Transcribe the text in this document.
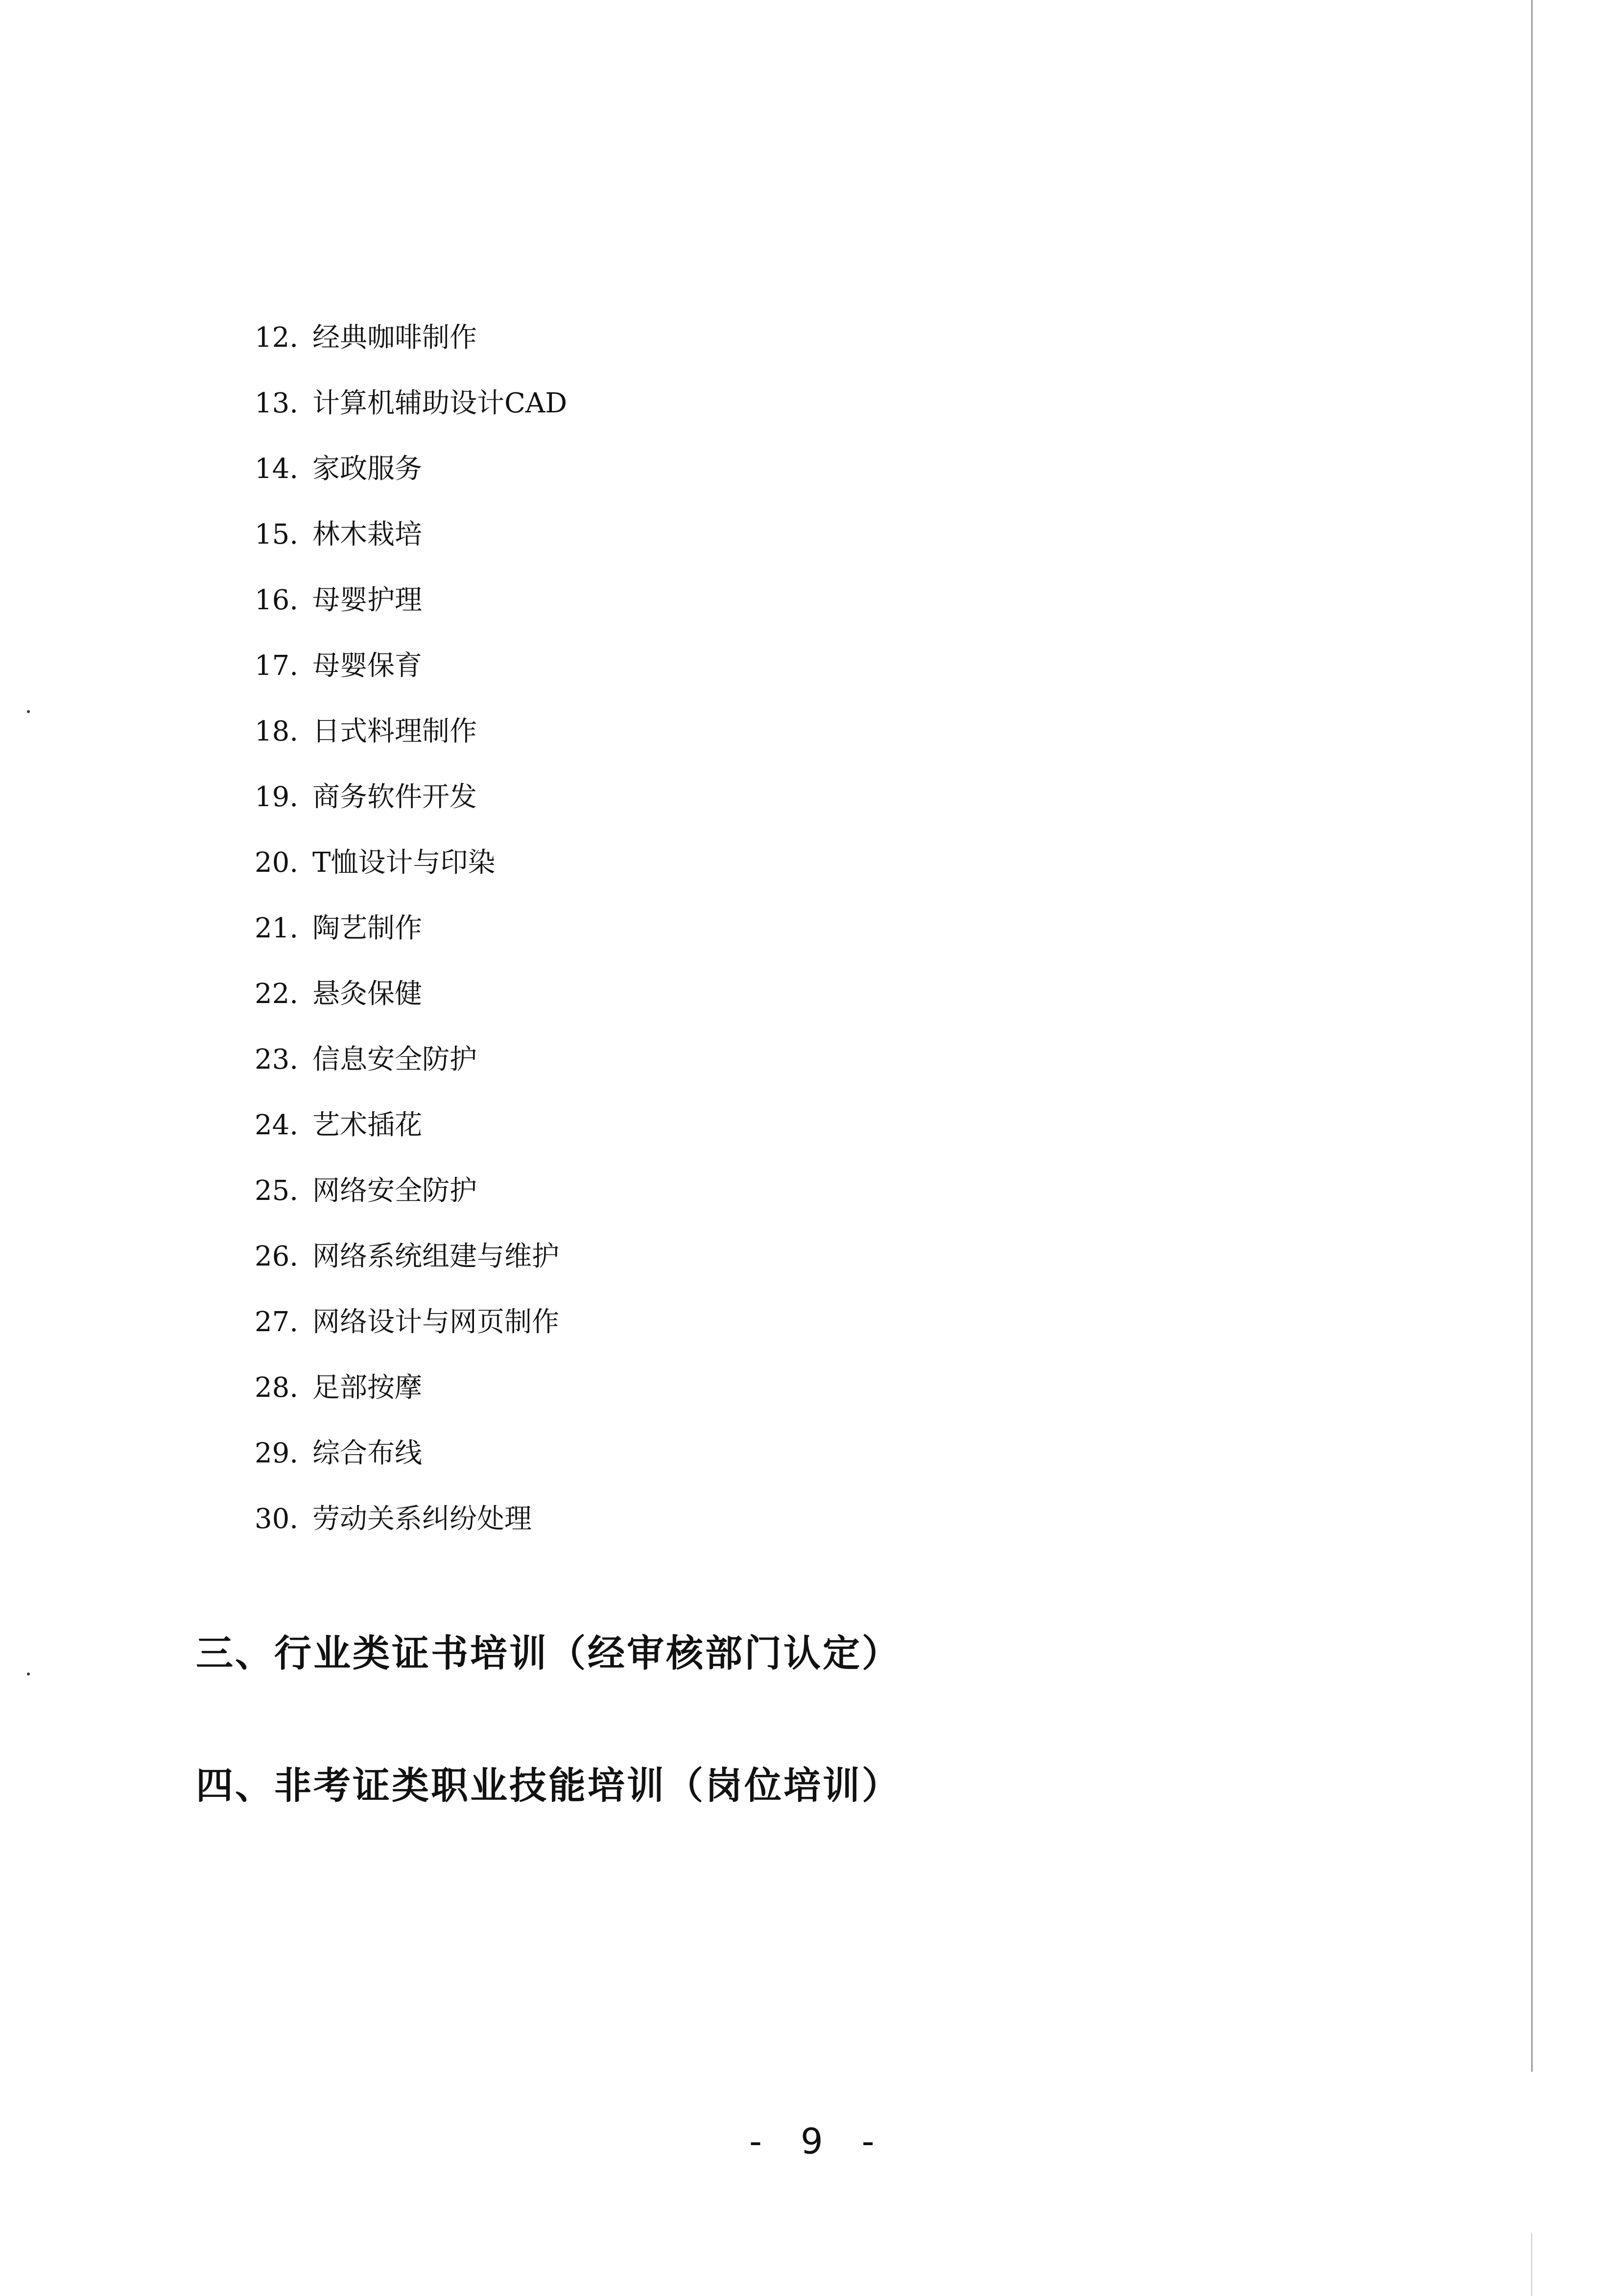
12. 经典咖啡制作
13. 计算机辅助设计CAD
14. 家政服务
15. 林木栽培
16. 母婴护理
17. 母婴保育
18. 日式料理制作
19. 商务软件开发
20. T恤设计与印染
21. 陶艺制作
22. 悬灸保健
23. 信息安全防护
24. 艺术插花
25. 网络安全防护
26. 网络系统组建与维护
27. 网络设计与网页制作
28. 足部按摩
29. 综合布线
30. 劳动关系纠纷处理
三、行业类证书培训（经审核部门认定）
四、非考证类职业技能培训（岗位培训）
- 9 -
